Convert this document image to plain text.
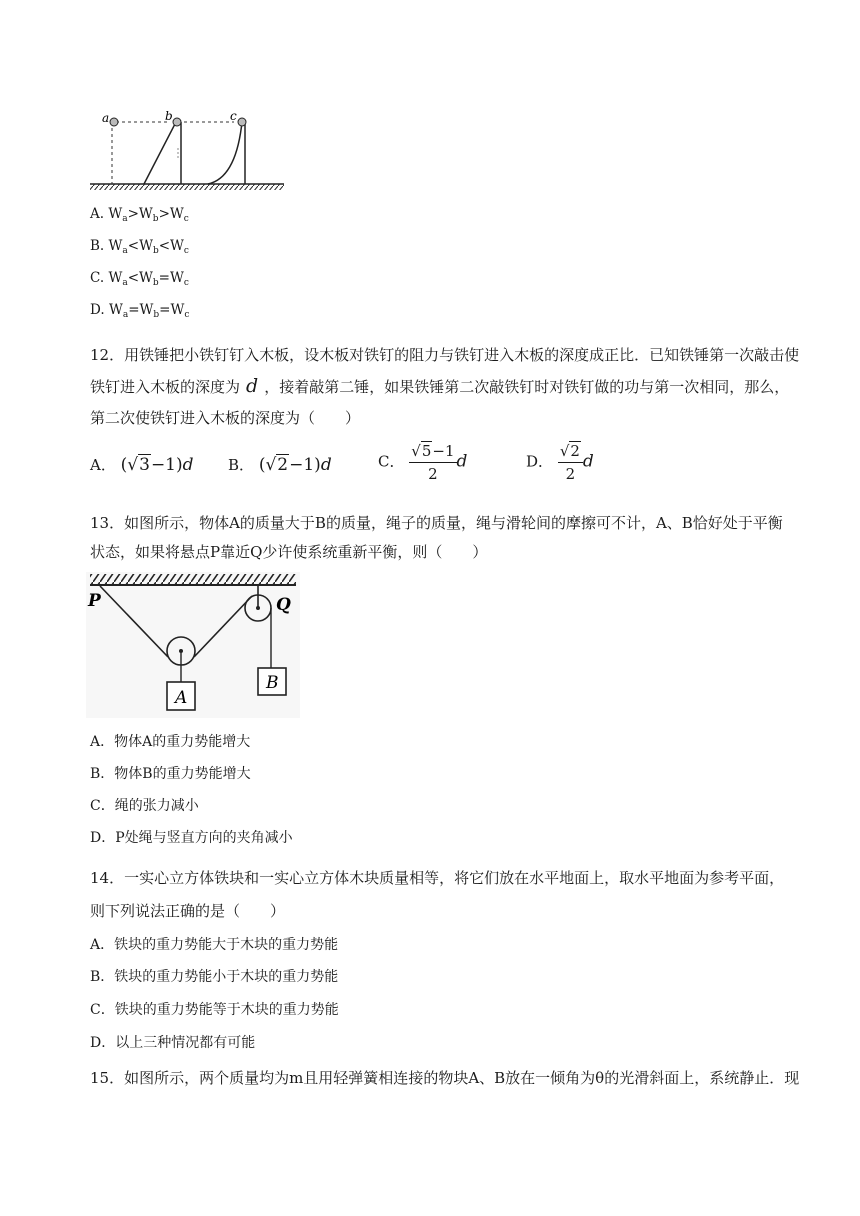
a	b	c
A. $W_a>W_b>W_c$
B. $W_a<W_b<W_c$
C. $W_a<W_b=W_c$
D. $W_a=W_b=W_c$
12．用铁锤把小铁钉钉入木板，设木板对铁钉的阻力与铁钉进入木板的深度成正比．已知铁锤第一次敲击使
铁钉进入木板的深度为 d ，接着敲第二锤，如果铁锤第二次敲铁钉时对铁钉做的功与第一次相同，那么，
第二次使铁钉进入木板的深度为（　　）
A． (√3−1)d B． (√2−1)d	C． $\frac{√5-1}{2}$ d	D． $\frac{√2}{2}$ d
13．如图所示，物体A的质量大于B的质量，绳子的质量，绳与滑轮间的摩擦可不计，A、B恰好处于平衡
状态，如果将悬点P靠近Q少许使系统重新平衡，则（　　）
A
B
P	Q
A．物体A的重力势能增大
B．物体B的重力势能增大
C．绳的张力减小
D．P处绳与竖直方向的夹角减小
14．一实心立方体铁块和一实心立方体木块质量相等，将它们放在水平地面上，取水平地面为参考平面，
则下列说法正确的是（　　）
A．铁块的重力势能大于木块的重力势能
B．铁块的重力势能小于木块的重力势能
C．铁块的重力势能等于木块的重力势能
D．以上三种情况都有可能
15．如图所示，两个质量均为m且用轻弹簧相连接的物块A、B放在一倾角为θ的光滑斜面上，系统静止．现
